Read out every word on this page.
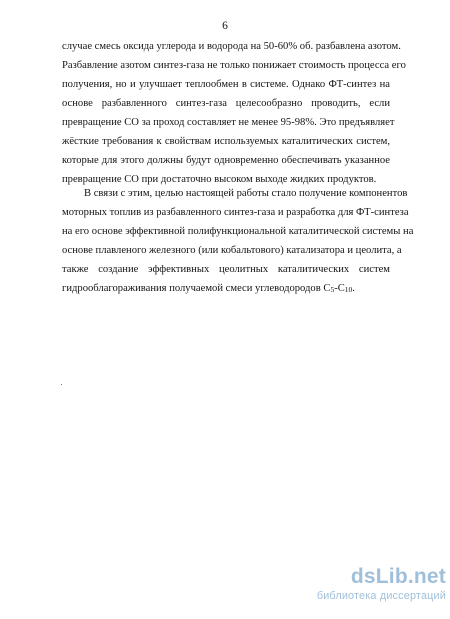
6
случае смесь оксида углерода и водорода на 50-60% об. разбавлена азотом.
Разбавление азотом синтез-газа не только понижает стоимость процесса его
получения, но и улучшает теплообмен в системе. Однако ФТ-синтез на
основе разбавленного синтез-газа целесообразно проводить, если
превращение СО за проход составляет не менее 95-98%. Это предъявляет
жёсткие требования к свойствам используемых каталитических систем,
которые для этого должны будут одновременно обеспечивать указанное
превращение СО при достаточно высоком выходе жидких продуктов.
В связи с этим, целью настоящей работы стало получение компонентов
моторных топлив из разбавленного синтез-газа и разработка для ФТ-синтеза
на его основе эффективной полифункциональной каталитической системы на
основе плавленого железного (или кобальтового) катализатора и цеолита, а
также создание эффективных цеолитных каталитических систем
гидрооблагораживания получаемой смеси углеводородов $С_5-С_{10}$.
dsLib.net
библиотека диссертаций
